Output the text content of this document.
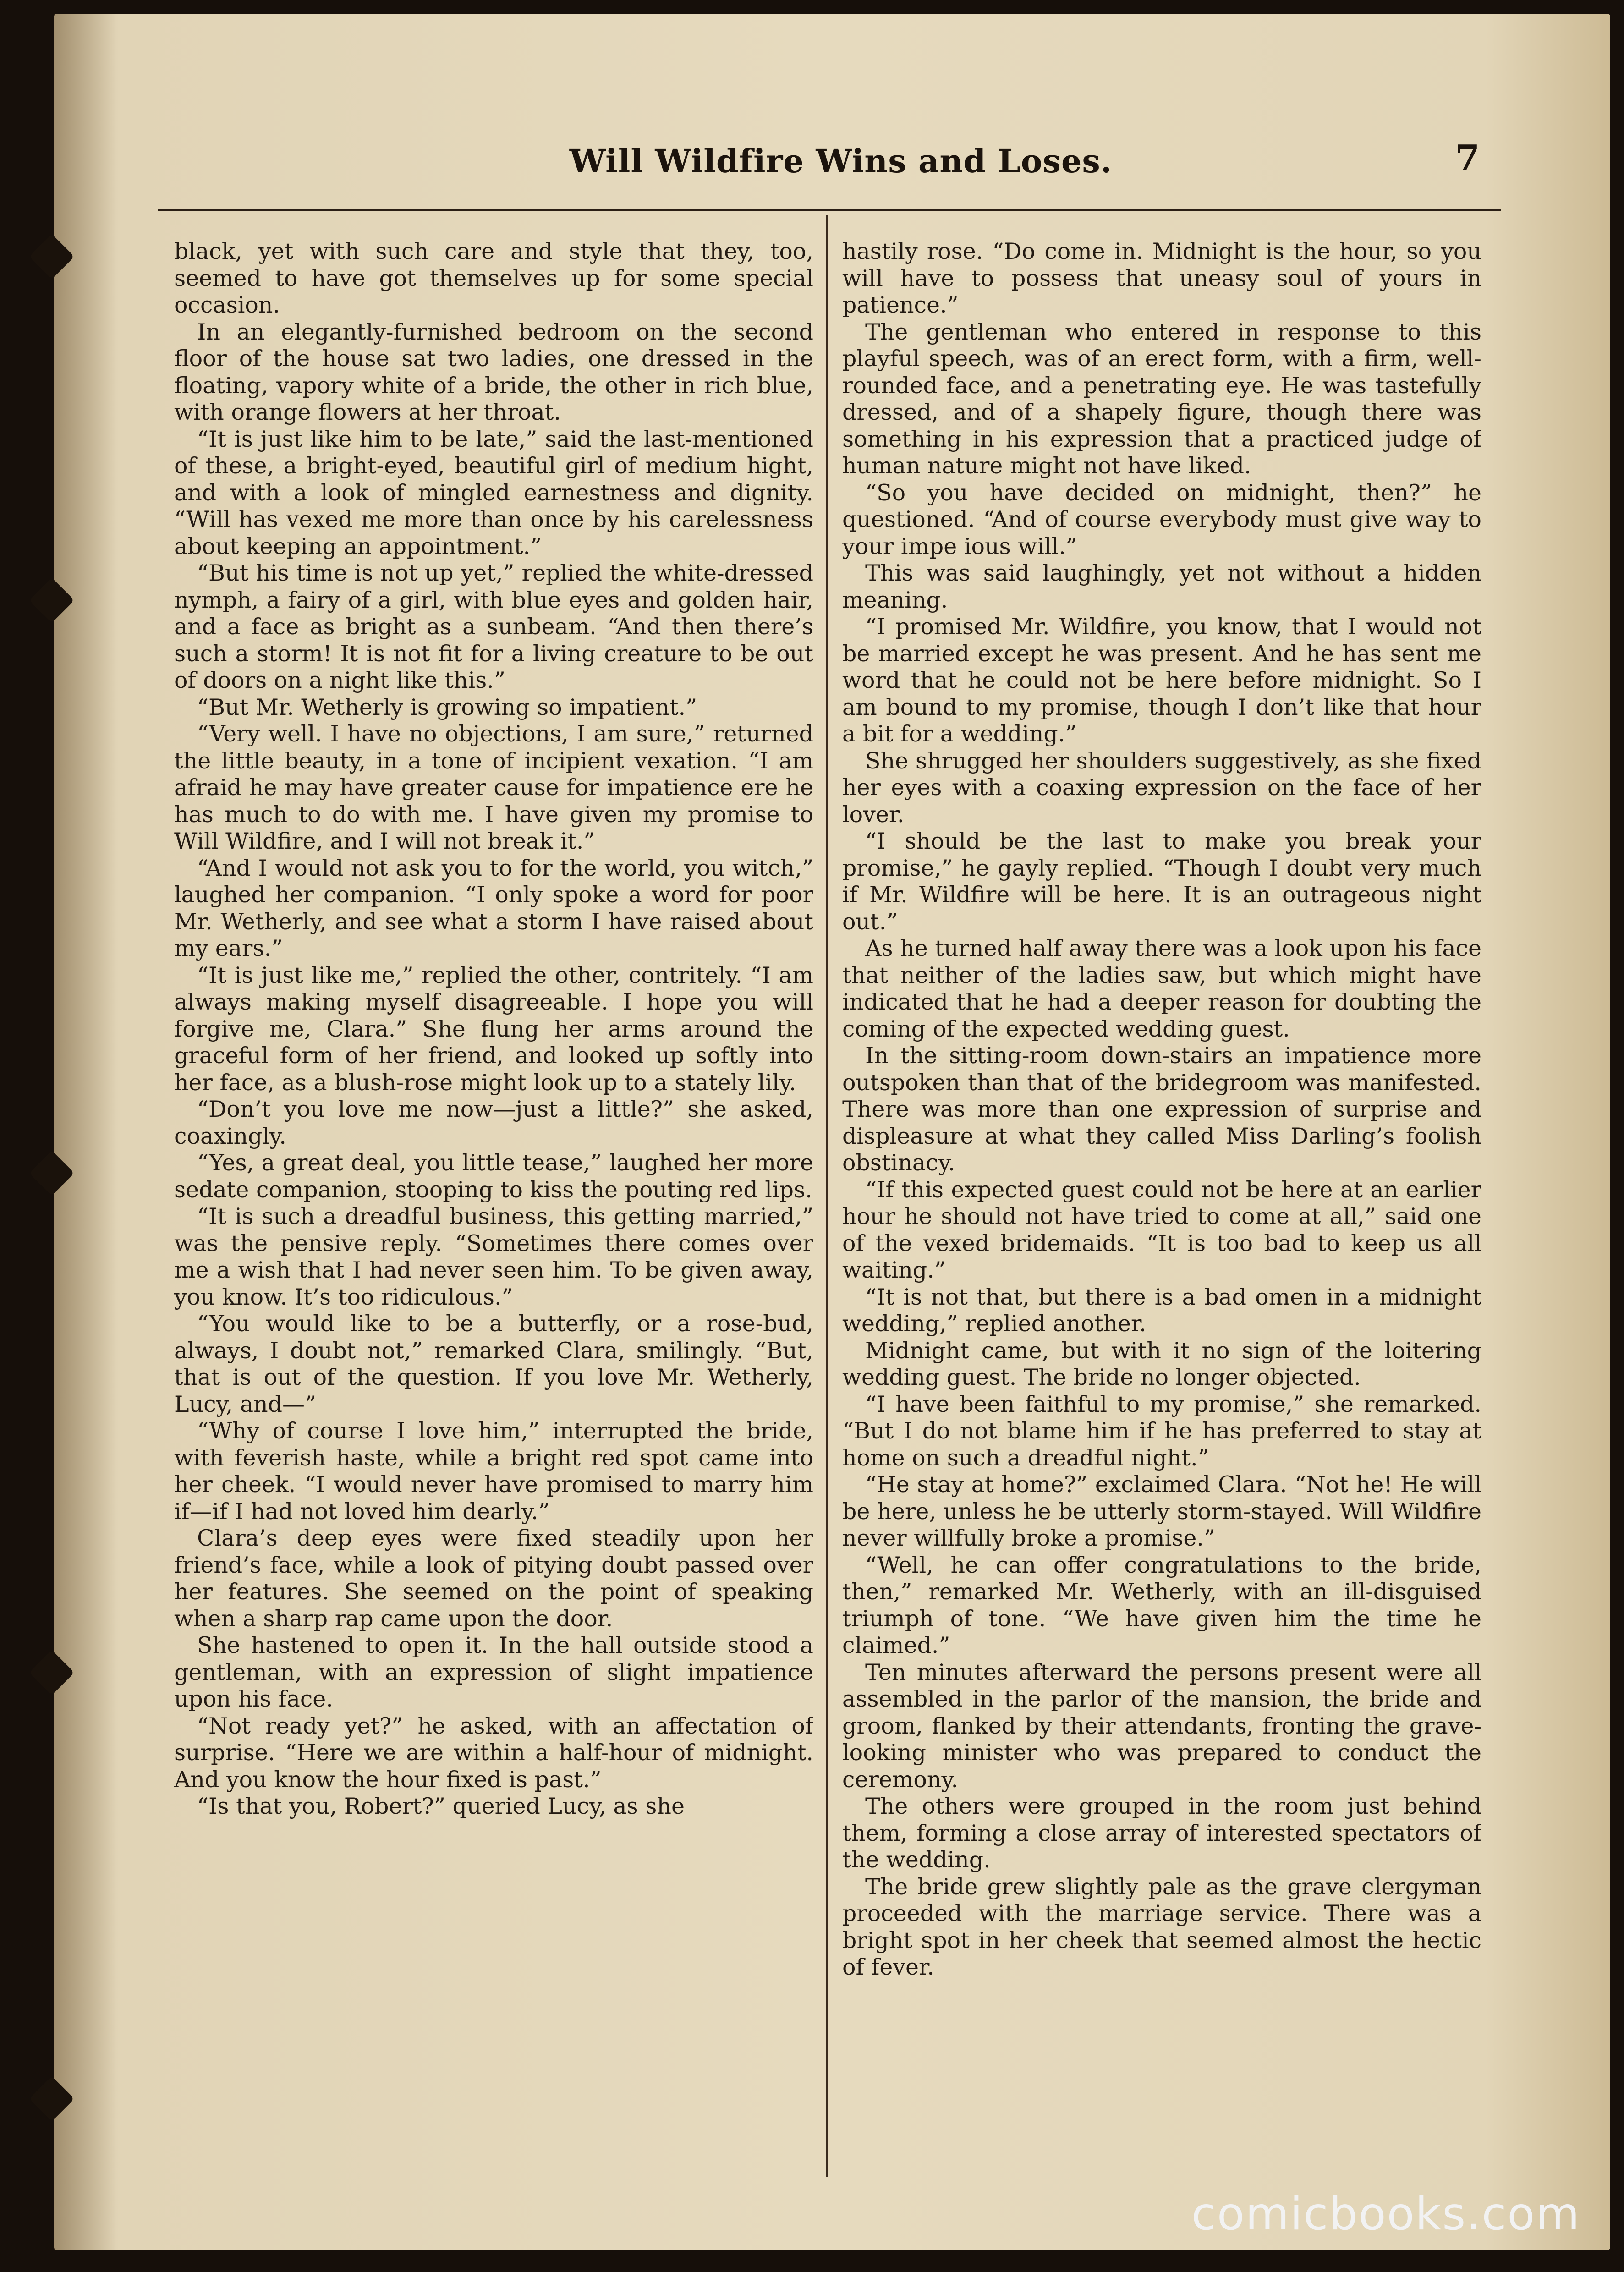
Will Wildfire Wins and Loses.	7

black, yet with such care and style that they, too, seemed to have got themselves up for some special occasion.

In an elegantly-furnished bedroom on the second floor of the house sat two ladies, one dressed in the floating, vapory white of a bride, the other in rich blue, with orange flowers at her throat.

“It is just like him to be late,” said the last-mentioned of these, a bright-eyed, beautiful girl of medium hight, and with a look of mingled earnestness and dignity. “Will has vexed me more than once by his carelessness about keeping an appointment.”

“But his time is not up yet,” replied the white-dressed nymph, a fairy of a girl, with blue eyes and golden hair, and a face as bright as a sunbeam. “And then there’s such a storm! It is not fit for a living creature to be out of doors on a night like this.”

“But Mr. Wetherly is growing so impatient.”

“Very well. I have no objections, I am sure,” returned the little beauty, in a tone of incipient vexation. “I am afraid he may have greater cause for impatience ere he has much to do with me. I have given my promise to Will Wildfire, and I will not break it.”

“And I would not ask you to for the world, you witch,” laughed her companion. “I only spoke a word for poor Mr. Wetherly, and see what a storm I have raised about my ears.”

“It is just like me,” replied the other, contritely. “I am always making myself disagreeable. I hope you will forgive me, Clara.” She flung her arms around the graceful form of her friend, and looked up softly into her face, as a blush-rose might look up to a stately lily.

“Don’t you love me now—just a little?” she asked, coaxingly.

“Yes, a great deal, you little tease,” laughed her more sedate companion, stooping to kiss the pouting red lips.

“It is such a dreadful business, this getting married,” was the pensive reply. “Sometimes there comes over me a wish that I had never seen him. To be given away, you know. It’s too ridiculous.”

“You would like to be a butterfly, or a rose-bud, always, I doubt not,” remarked Clara, smilingly. “But, that is out of the question. If you love Mr. Wetherly, Lucy, and—”

“Why of course I love him,” interrupted the bride, with feverish haste, while a bright red spot came into her cheek. “I would never have promised to marry him if—if I had not loved him dearly.”

Clara’s deep eyes were fixed steadily upon her friend’s face, while a look of pitying doubt passed over her features. She seemed on the point of speaking when a sharp rap came upon the door.

She hastened to open it. In the hall outside stood a gentleman, with an expression of slight impatience upon his face.

“Not ready yet?” he asked, with an affectation of surprise. “Here we are within a half-hour of midnight. And you know the hour fixed is past.”

“Is that you, Robert?” queried Lucy, as she

hastily rose. “Do come in. Midnight is the hour, so you will have to possess that uneasy soul of yours in patience.”

The gentleman who entered in response to this playful speech, was of an erect form, with a firm, well-rounded face, and a penetrating eye. He was tastefully dressed, and of a shapely figure, though there was something in his expression that a practiced judge of human nature might not have liked.

“So you have decided on midnight, then?” he questioned. “And of course everybody must give way to your impe ious will.”

This was said laughingly, yet not without a hidden meaning.

“I promised Mr. Wildfire, you know, that I would not be married except he was present. And he has sent me word that he could not be here before midnight. So I am bound to my promise, though I don’t like that hour a bit for a wedding.”

She shrugged her shoulders suggestively, as she fixed her eyes with a coaxing expression on the face of her lover.

“I should be the last to make you break your promise,” he gayly replied. “Though I doubt very much if Mr. Wildfire will be here. It is an outrageous night out.”

As he turned half away there was a look upon his face that neither of the ladies saw, but which might have indicated that he had a deeper reason for doubting the coming of the expected wedding guest.

In the sitting-room down-stairs an impatience more outspoken than that of the bridegroom was manifested. There was more than one expression of surprise and displeasure at what they called Miss Darling’s foolish obstinacy.

“If this expected guest could not be here at an earlier hour he should not have tried to come at all,” said one of the vexed bridemaids. “It is too bad to keep us all waiting.”

“It is not that, but there is a bad omen in a midnight wedding,” replied another.

Midnight came, but with it no sign of the loitering wedding guest. The bride no longer objected.

“I have been faithful to my promise,” she remarked. “But I do not blame him if he has preferred to stay at home on such a dreadful night.”

“He stay at home?” exclaimed Clara. “Not he! He will be here, unless he be utterly storm-stayed. Will Wildfire never willfully broke a promise.”

“Well, he can offer congratulations to the bride, then,” remarked Mr. Wetherly, with an ill-disguised triumph of tone. “We have given him the time he claimed.”

Ten minutes afterward the persons present were all assembled in the parlor of the mansion, the bride and groom, flanked by their attendants, fronting the grave-looking minister who was prepared to conduct the ceremony.

The others were grouped in the room just behind them, forming a close array of interested spectators of the wedding.

The bride grew slightly pale as the grave clergyman proceeded with the marriage service. There was a bright spot in her cheek that seemed almost the hectic of fever.

comicbooks.com
